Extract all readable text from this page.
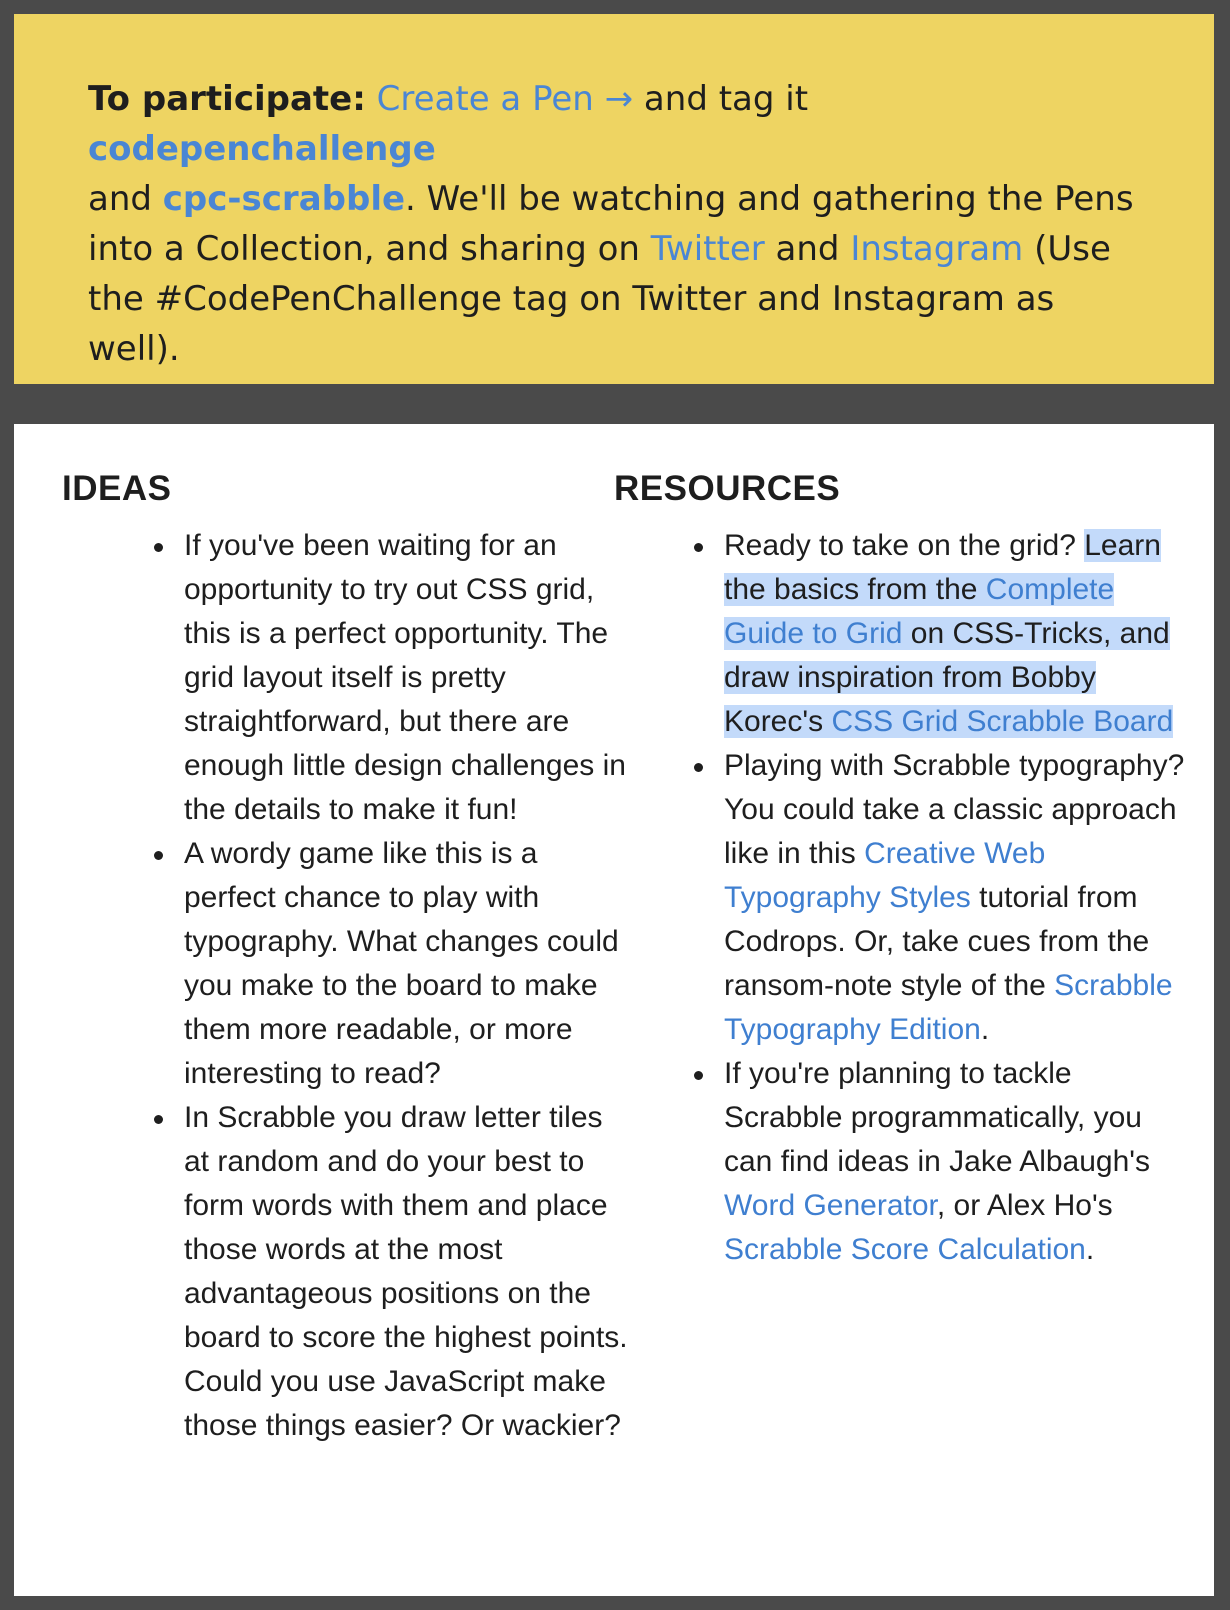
To participate: Create a Pen → and tag it codepenchallenge
and cpc-scrabble. We'll be watching and gathering the Pens into a Collection, and sharing on Twitter and Instagram (Use the #CodePenChallenge tag on Twitter and Instagram as well).
IDEAS
If you've been waiting for an opportunity to try out CSS grid, this is a perfect opportunity. The grid layout itself is pretty straightforward, but there are enough little design challenges in the details to make it fun!
A wordy game like this is a perfect chance to play with typography. What changes could you make to the board to make them more readable, or more interesting to read?
In Scrabble you draw letter tiles at random and do your best to form words with them and place those words at the most advantageous positions on the board to score the highest points. Could you use JavaScript make those things easier? Or wackier?
RESOURCES
Ready to take on the grid? Learn the basics from the Complete Guide to Grid on CSS-Tricks, and draw inspiration from Bobby Korec's CSS Grid Scrabble Board
Playing with Scrabble typography? You could take a classic approach like in this Creative Web Typography Styles tutorial from Codrops. Or, take cues from the ransom-note style of the Scrabble Typography Edition.
If you're planning to tackle Scrabble programmatically, you can find ideas in Jake Albaugh's Word Generator, or Alex Ho's Scrabble Score Calculation.
